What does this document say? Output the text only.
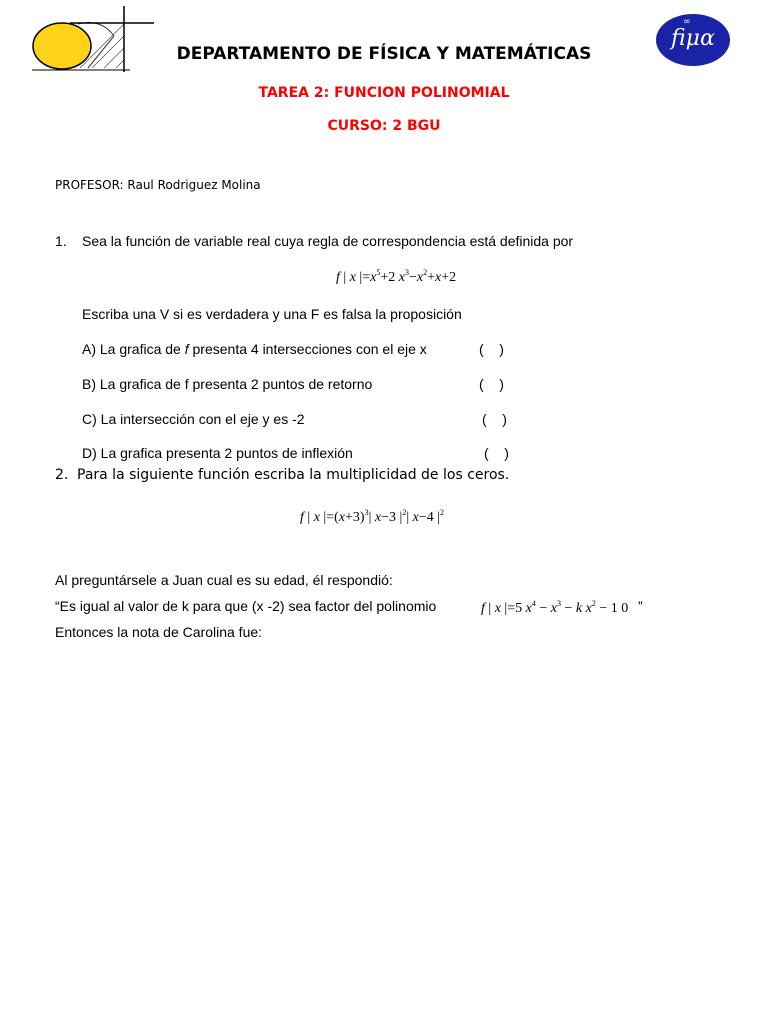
∞
fiμα
DEPARTAMENTO DE FÍSICA Y MATEMÁTICAS
TAREA 2: FUNCION POLINOMIAL
CURSO: 2 BGU
PROFESOR: Raul Rodriguez Molina
1. Sea la función de variable real cuya regla de correspondencia está definida por
f | x $|=x^5+2$ $x^3-x^2+x+2$
Escriba una V si es verdadera y una F es falsa la proposición
A) La grafica de f presenta 4 intersecciones con el eje x	(    )
B) La grafica de f presenta 2 puntos de retorno	(    )
C) La intersección con el eje y es -2	(    )
D) La grafica presenta 2 puntos de inflexión	(    )
2. Para la siguiente función escriba la multiplicidad de los ceros.
f | x $|=(x+3)^3|$ x−3 $|^2|$ x−4 $|^2$
Al preguntársele a Juan cual es su edad, él respondió:
“Es igual al valor de k para que (x -2) sea factor del polinomio	f | x |=5 $x^4 - x^3 - k$ $x^2 - 1$ 0 ”
Entonces la nota de Carolina fue:
